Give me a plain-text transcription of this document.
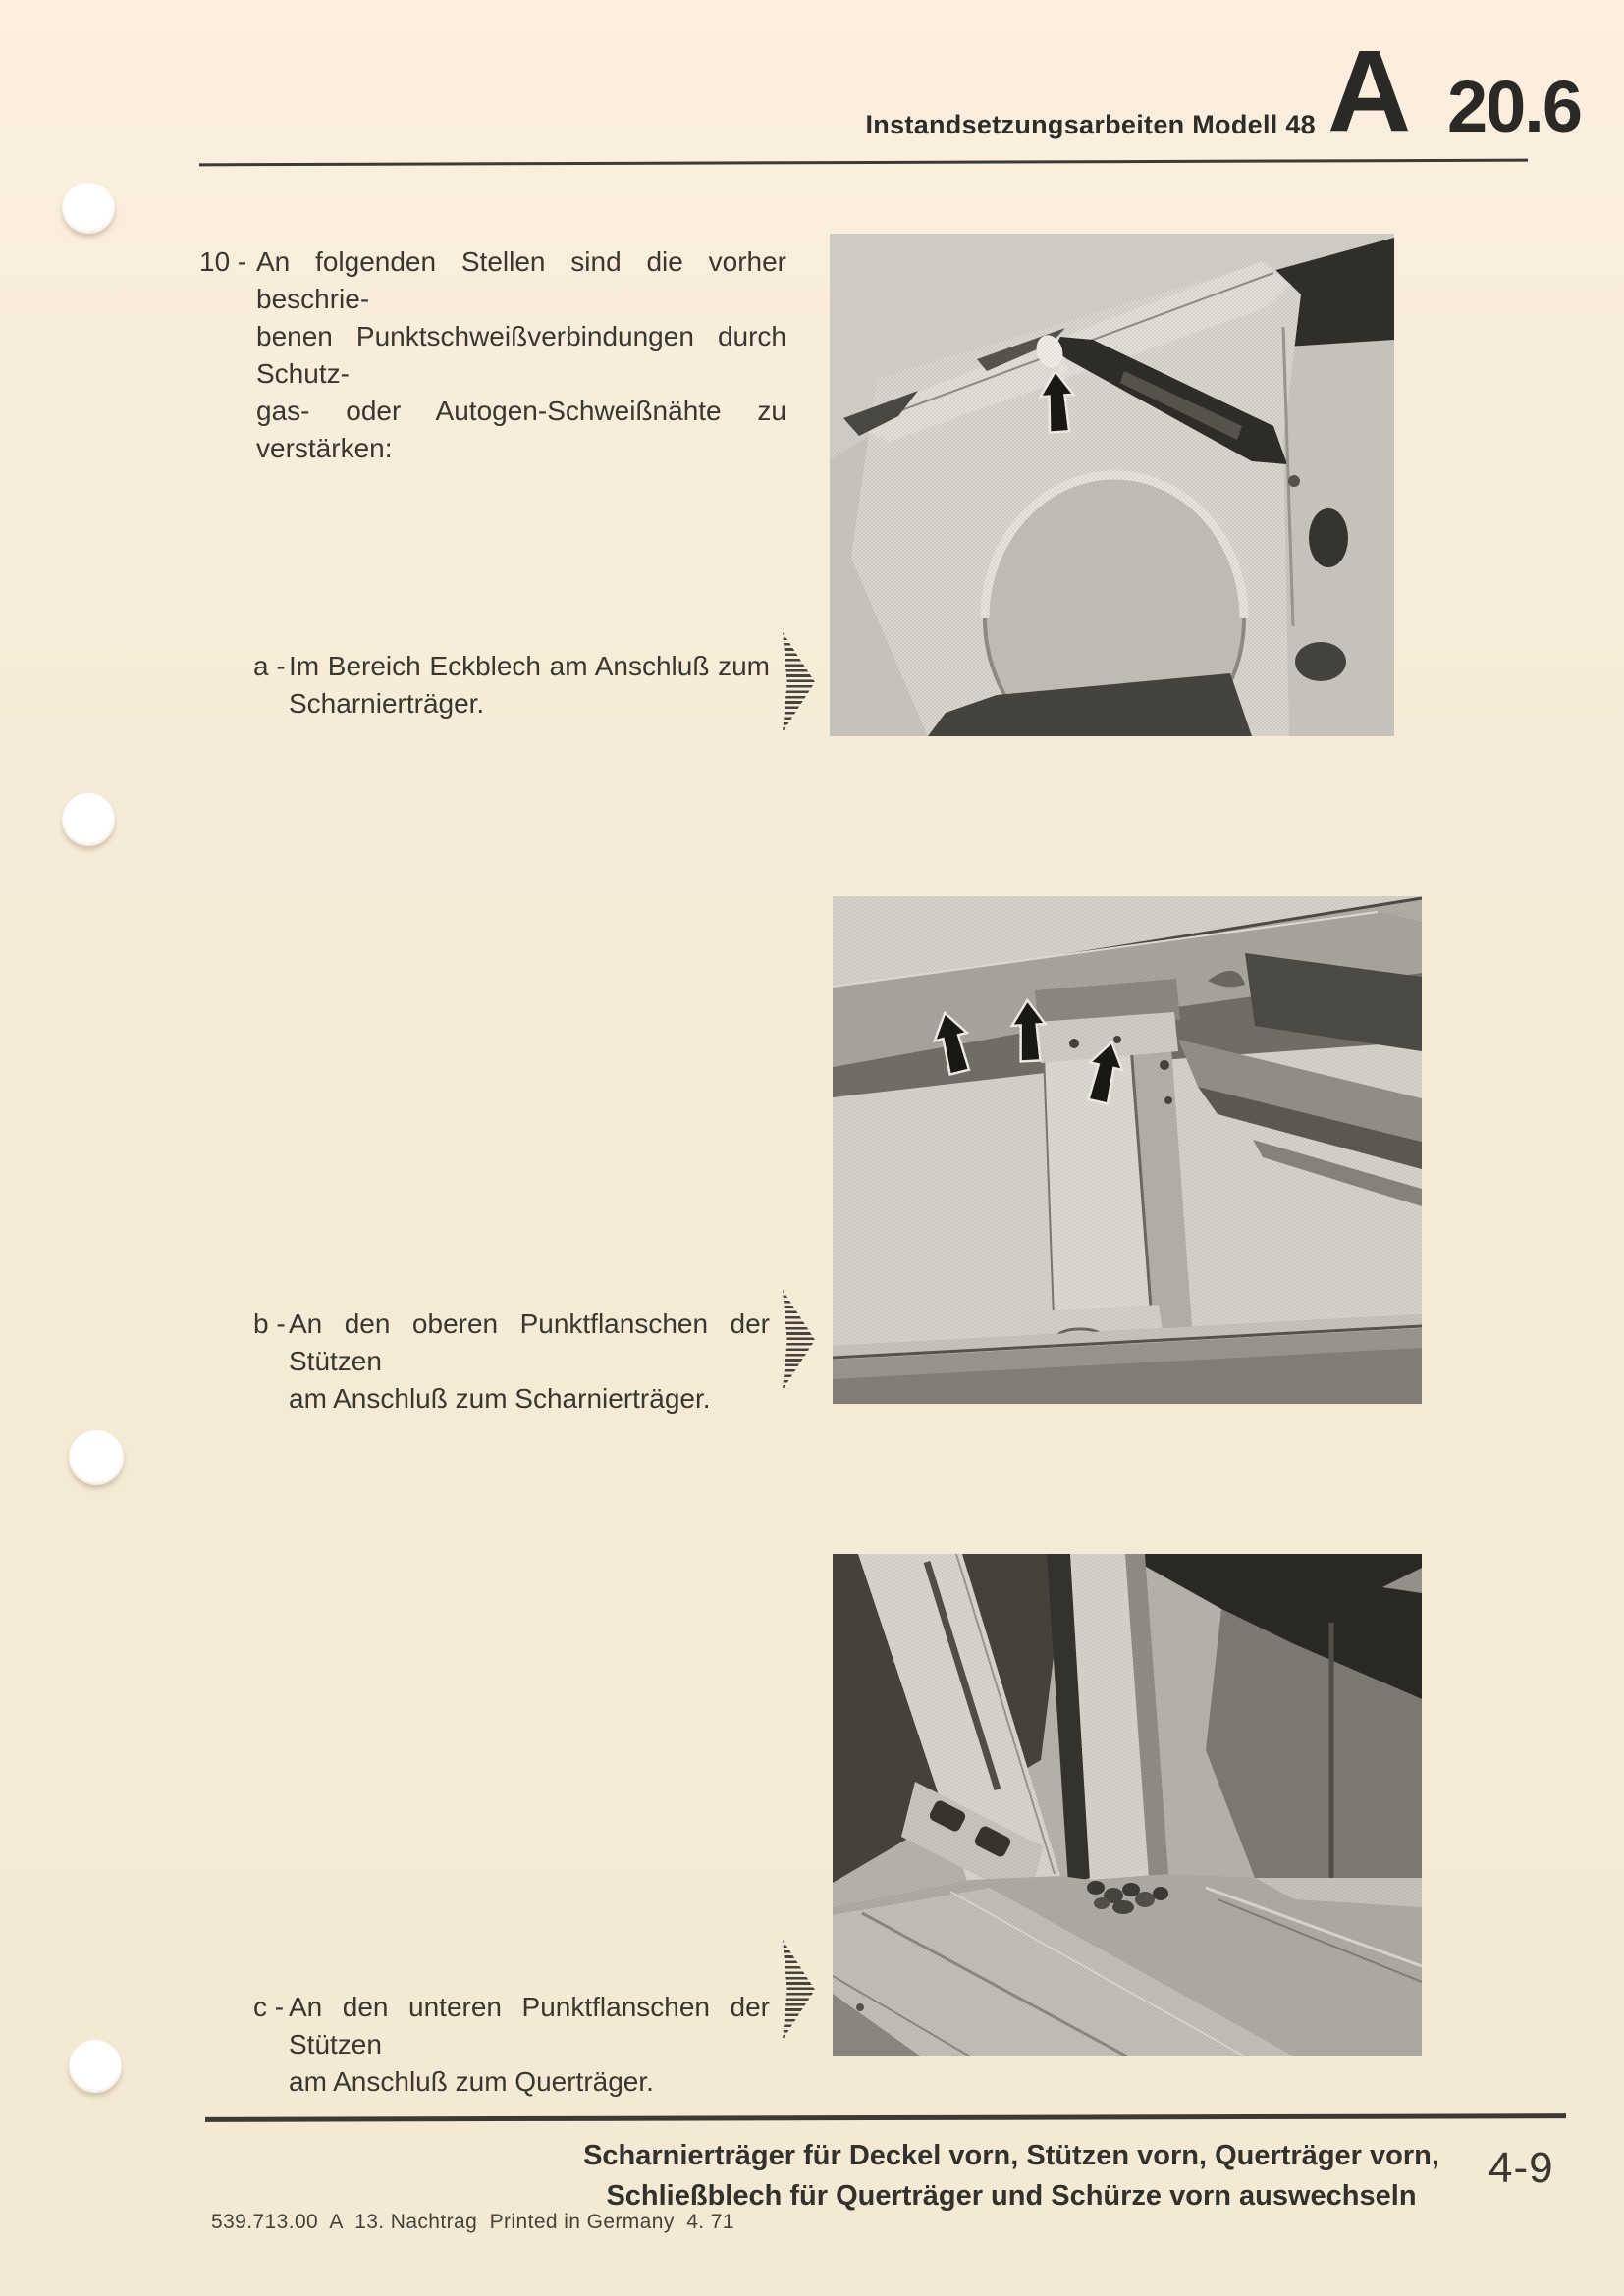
Instandsetzungsarbeiten Modell 48 A 20.6
10 - An folgenden Stellen sind die vorher beschrie-
benen Punktschweißverbindungen durch Schutz-
gas- oder Autogen-Schweißnähte zu verstärken:
a - Im Bereich Eckblech am Anschluß zum
Scharnierträger.
b - An den oberen Punktflanschen der Stützen
am Anschluß zum Scharnierträger.
c - An den unteren Punktflanschen der Stützen
am Anschluß zum Querträger.
Scharnierträger für Deckel vorn, Stützen vorn, Querträger vorn,
Schließblech für Querträger und Schürze vorn auswechseln
4-9
539.713.00  A  13. Nachtrag  Printed in Germany  4. 71
